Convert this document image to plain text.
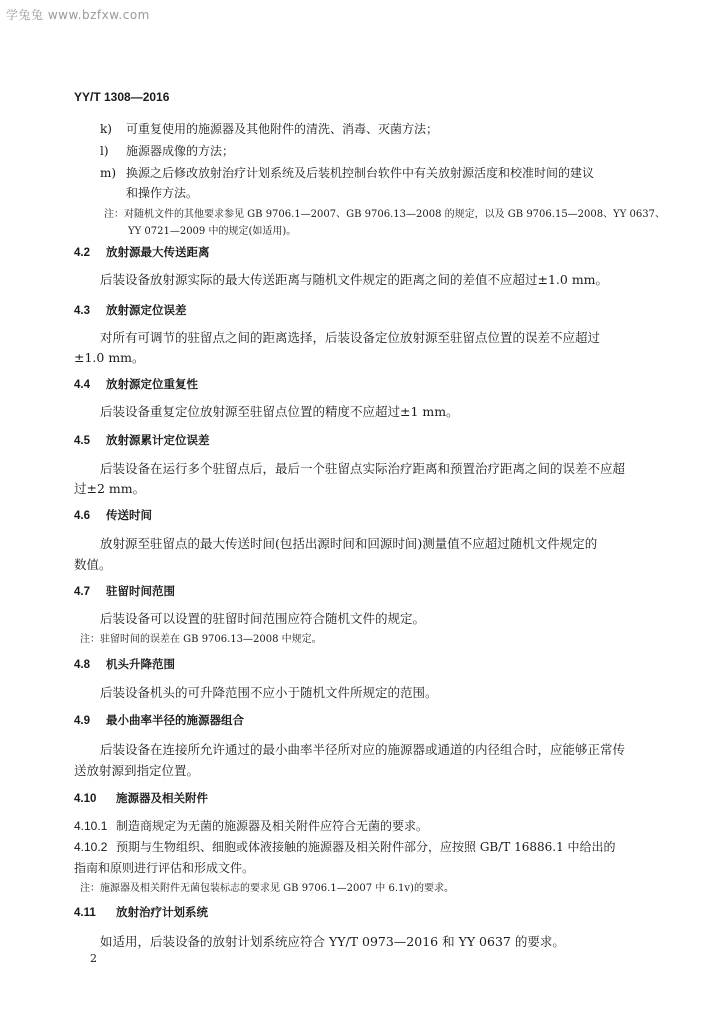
学兔兔 www.bzfxw.com
YY/T 1308—2016
k) 可重复使用的施源器及其他附件的清洗、消毒、灭菌方法；
l) 施源器成像的方法；
m) 换源之后修改放射治疗计划系统及后装机控制台软件中有关放射源活度和校准时间的建议
和操作方法。
注：对随机文件的其他要求参见 GB 9706.1—2007、GB 9706.13—2008 的规定，以及 GB 9706.15—2008、YY 0637、
YY 0721—2009 中的规定(如适用)。
4.2 放射源最大传送距离
后装设备放射源实际的最大传送距离与随机文件规定的距离之间的差值不应超过±1.0 mm。
4.3 放射源定位误差
对所有可调节的驻留点之间的距离选择，后装设备定位放射源至驻留点位置的误差不应超过
±1.0 mm。
4.4 放射源定位重复性
后装设备重复定位放射源至驻留点位置的精度不应超过±1 mm。
4.5 放射源累计定位误差
后装设备在运行多个驻留点后，最后一个驻留点实际治疗距离和预置治疗距离之间的误差不应超
过±2 mm。
4.6 传送时间
放射源至驻留点的最大传送时间(包括出源时间和回源时间)测量值不应超过随机文件规定的
数值。
4.7 驻留时间范围
后装设备可以设置的驻留时间范围应符合随机文件的规定。
注：驻留时间的误差在 GB 9706.13—2008 中规定。
4.8 机头升降范围
后装设备机头的可升降范围不应小于随机文件所规定的范围。
4.9 最小曲率半径的施源器组合
后装设备在连接所允许通过的最小曲率半径所对应的施源器或通道的内径组合时，应能够正常传
送放射源到指定位置。
4.10 施源器及相关附件
4.10.1 制造商规定为无菌的施源器及相关附件应符合无菌的要求。
4.10.2 预期与生物组织、细胞或体液接触的施源器及相关附件部分，应按照 GB/T 16886.1 中给出的
指南和原则进行评估和形成文件。
注：施源器及相关附件无菌包装标志的要求见 GB 9706.1—2007 中 6.1v)的要求。
4.11 放射治疗计划系统
如适用，后装设备的放射计划系统应符合 YY/T 0973—2016 和 YY 0637 的要求。
2
